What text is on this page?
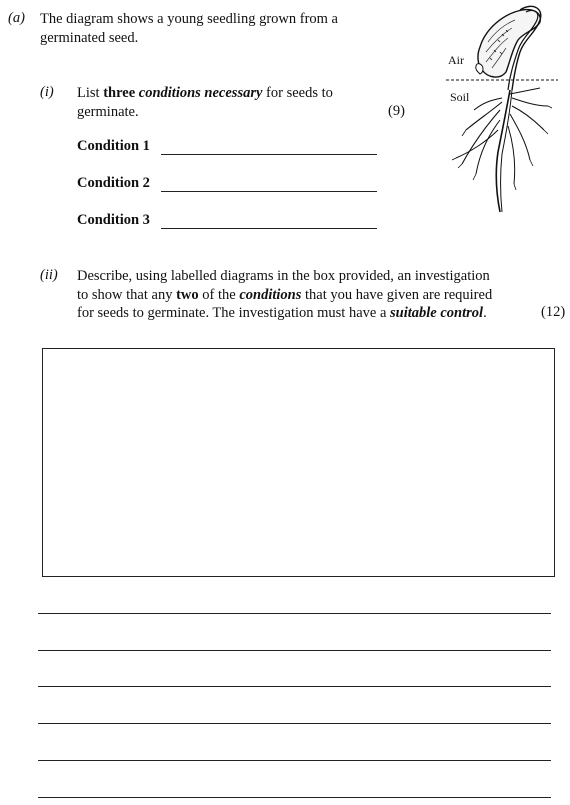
(a) The diagram shows a young seedling grown from a
germinated seed.
Air
Soil
(i) List three conditions necessary for seeds to
germinate.	(9)
Condition 1
Condition 2
Condition 3
(ii) Describe, using labelled diagrams in the box provided, an investigation
to show that any two of the conditions that you have given are required
for seeds to germinate. The investigation must have a suitable control.	(12)
